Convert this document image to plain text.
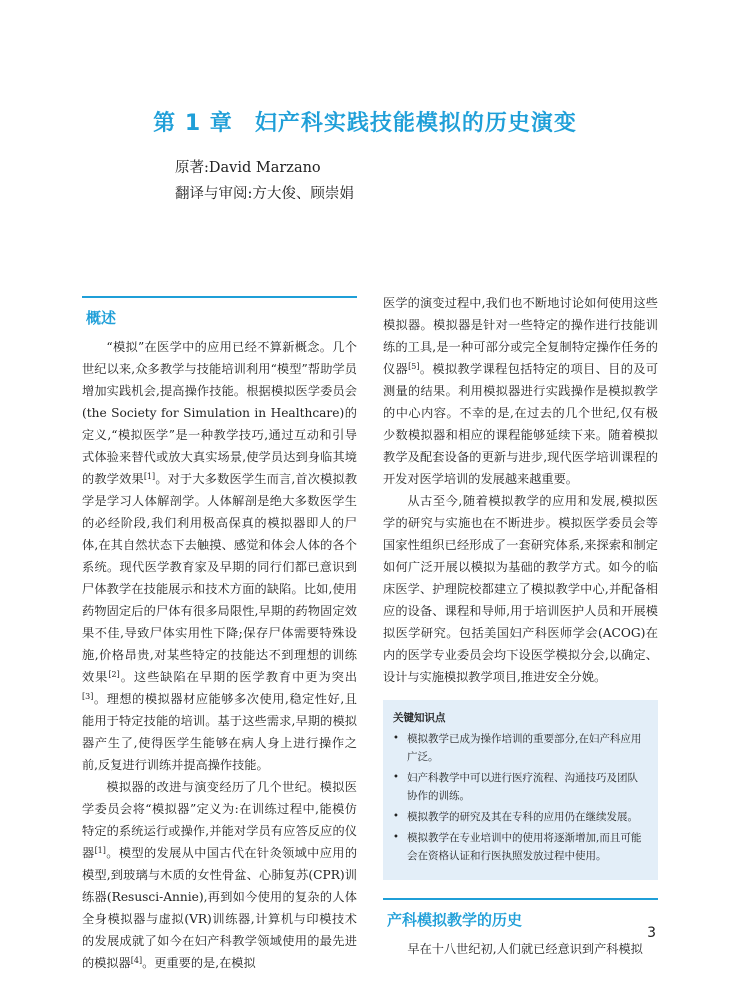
第 1 章 妇产科实践技能模拟的历史演变
原著:David Marzano
翻译与审阅:方大俊、顾崇娟
概述

“模拟”在医学中的应用已经不算新概念。几个世纪以来,众多教学与技能培训利用“模型”帮助学员增加实践机会,提高操作技能。根据模拟医学委员会(the Society for Simulation in Healthcare)的定义,“模拟医学”是一种教学技巧,通过互动和引导式体验来替代或放大真实场景,使学员达到身临其境的教学效果[1]。对于大多数医学生而言,首次模拟教学是学习人体解剖学。人体解剖是绝大多数医学生的必经阶段,我们利用极高保真的模拟器即人的尸体,在其自然状态下去触摸、感觉和体会人体的各个系统。现代医学教育家及早期的同行们都已意识到尸体教学在技能展示和技术方面的缺陷。比如,使用药物固定后的尸体有很多局限性,早期的药物固定效果不佳,导致尸体实用性下降;保存尸体需要特殊设施,价格昂贵,对某些特定的技能达不到理想的训练效果[2]。这些缺陷在早期的医学教育中更为突出[3]。理想的模拟器材应能够多次使用,稳定性好,且能用于特定技能的培训。基于这些需求,早期的模拟器产生了,使得医学生能够在病人身上进行操作之前,反复进行训练并提高操作技能。

模拟器的改进与演变经历了几个世纪。模拟医学委员会将“模拟器”定义为:在训练过程中,能模仿特定的系统运行或操作,并能对学员有应答反应的仪器[1]。模型的发展从中国古代在针灸领域中应用的模型,到玻璃与木质的女性骨盆、心肺复苏(CPR)训练器(Resusci-Annie),再到如今使用的复杂的人体全身模拟器与虚拟(VR)训练器,计算机与印模技术的发展成就了如今在妇产科教学领域使用的最先进的模拟器[4]。更重要的是,在模拟

医学的演变过程中,我们也不断地讨论如何使用这些模拟器。模拟器是针对一些特定的操作进行技能训练的工具,是一种可部分或完全复制特定操作任务的仪器[5]。模拟教学课程包括特定的项目、目的及可测量的结果。利用模拟器进行实践操作是模拟教学的中心内容。不幸的是,在过去的几个世纪,仅有极少数模拟器和相应的课程能够延续下来。随着模拟教学及配套设备的更新与进步,现代医学培训课程的开发对医学培训的发展越来越重要。

从古至今,随着模拟教学的应用和发展,模拟医学的研究与实施也在不断进步。模拟医学委员会等国家性组织已经形成了一套研究体系,来探索和制定如何广泛开展以模拟为基础的教学方式。如今的临床医学、护理院校都建立了模拟教学中心,并配备相应的设备、课程和导师,用于培训医护人员和开展模拟医学研究。包括美国妇产科医师学会(ACOG)在内的医学专业委员会均下设医学模拟分会,以确定、设计与实施模拟教学项目,推进安全分娩。

关键知识点
• 模拟教学已成为操作培训的重要部分,在妇产科应用广泛。
• 妇产科教学中可以进行医疗流程、沟通技巧及团队协作的训练。
• 模拟教学的研究及其在专科的应用仍在继续发展。
• 模拟教学在专业培训中的使用将逐渐增加,而且可能会在资格认证和行医执照发放过程中使用。
产科模拟教学的历史

早在十八世纪初,人们就已经意识到产科模拟

3
